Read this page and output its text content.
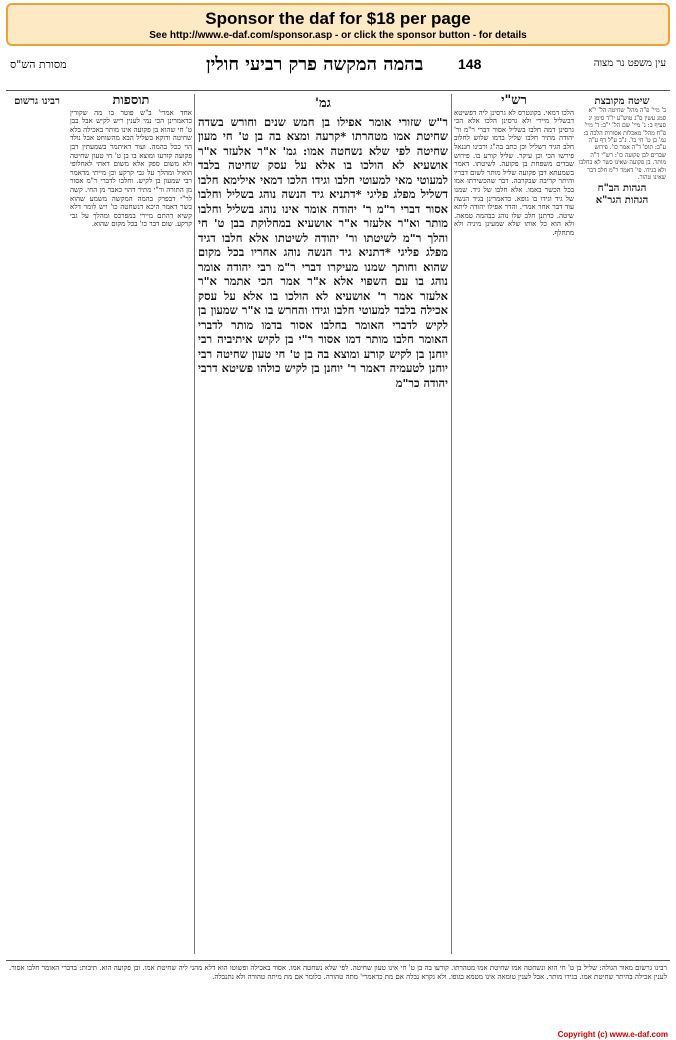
Sponsor the daf for $18 per page
See http://www.e-daf.com/sponsor.asp - or click the sponsor button - for details
עין משפט נר מצוה
בהמה המקשה פרק רביעי חולין 148
מסורת הש"ס
שיטה מקובצת
ב' מיי' פ"ה מהל' שחיטה הל' י"א סמג עשין ס"ג טוש"ע יו"ד סימן יג סעיף ב: ג' מיי' שם הל' י"ב: ד' מיי' פ"ח מהל' מאכלות אסורות הלכה ב: גמ' בן ט' חי כו'. נ"ב ע"ל דף ע"ה ע"ב: תוס' ד"ה אמר כו'. פירוש שבדים לבן פקועה כו': רש"י ד"ה מותר. בן פקועה שאינו כשר לא בחלבו ולא בגידו. פי' דאמר ר"מ חלב דבר שאינו טהור.
הגהות הב"ח
הגהות הגר"א
רש"י
הלכו דמאי. בקונטרס לא גרסינן ליה דפשיטא דבשליל מיירי ולא גרסינן הלכו אלא הכי גרסינן דמה חלבו בשליל אסור דברי ר"מ ור' יהודה מתיר חלבו שליל בדמו שלוש לחלוב חלב הגיד דשליל וכן כתב בה"ג ורבינו חננאל פירשו הכי וכן עיקר. שליל קורע בו. פירוש שבדים משפחת בן פקועה. לשיטתו. דאמר בשמעתא דבן פקועה שליל מותר לשום דבריו והיתר קריבה שבקרבה. דבר שהכשירתו אמו בכל הכשר באמו. אלא חלבו של גיד. שמנו של גיד וגידו בו גופא. כדאמרינן בגיד הנשה עוד דבר אחר אמרי. והדר אפילו יהודה ליתא שיטה. כדתנן חלב שלו נוהג בבהמה טמאה. ולא הוא כל אותו שלא שמעינן מיניה ולא מתחלף.
גמ'
ר"ש שזורי אומר אפילו בן חמש שנים וחורש בשדה שחיטת אמו מטהרתו *קרעה ומצא בה בן ט' חי מעון שחיטה לפי שלא נשחטה אמו: גמ' א"ר אלעזר א"ר אושעיא לא הולכו בו אלא על עסק שחיטה בלבד למעוטי מאי למעוטי חלבו וגידו הלכו דמאי אילימא חלבו דשליל מפלג פליגי *דתניא גיד הנשה נוהג בשליל וחלבו אסור דברי ר"מ ר' יהודה אומר אינו נוהג בשליל וחלבו מותר וא"ר אלעזר א"ר אושעיא במחלוקת בבן ט' חי והלך ר"מ לשיטתו ור' יהודה לשיטתו אלא חלבו דגיד מפלג פליגי *דתניא גיד הנשה נוהג אחריו בכל מקום שהוא וחותך שמנו מעיקרו דברי ר"מ רבי יהודה אומר נוהג בו עם השפוי אלא א"ר אמר הכי אתמר א"ר אלעזר אמר ר' אושעיא לא הולכו בו אלא על עסק אכילה בלבד למעוטי חלבו וגידו והחרש בו א"ר שמעון בן לקיש לדברי האומר בחלבו אסור בדמו מותר לדברי האומר חלבו מותר דמו אסור ר"י בן לקיש איתיביה רבי יוחנן בן לקיש קורע ומוצא בה בן ט' חי טעון שחיטה רבי יוחנן לטעמיה דאמר ר' יוחנן בן לקיש כולהו פשיטא דרבי יהודה כר"מ
תוספות
אחד אמרי' ב"ש פוטר בו מה שקורין כדאמרינן הכי נמי לענין ריש לקיש אבל בבן ט' חי שהוא בן פקועה אינו מותר באכילה בלא שחיטה ודוקא בשליל הבא מהשוחט אבל נולד הוי ככל בהמה. ועוד דאיתמר בשמעתין דבן פקועה קורעו ומוצא בו בן ט' חי טעון שחיטה ולא משום ספק אלא משום דאתי לאחלופי הואיל ומהלך על גבי קרקע וכן מייתי מדאמר רבי שמעון בן לקיש. וחלבו לדברי ר"מ אסור מן התורה ור"י מתיר דהוי כאבר מן החי. קשה לר"י דבפרק בהמה המקשה משמע שהוא כשר דאמר היכא דנשחטה כו' ויש לומר דלא קשיא דהתם מיירי במפרכס ומהלך על גבי קרקע. שום דבר כו' בכל מקום שהוא.
רבינו גרשום
רבינו גרשום מאור הגולה: שליל בן ט' חי הוא ונשחטה אמו שחיטת אמו מטהרתו. קורעו בה בן ט' חי אינו טעון שחיטה. לפי שלא נשחטה אמו. אסור באכילה ופשוטו הוא דלא מהני ליה שחיטת אמו. ובן פקועה הוא. תיבות: בדברי האומר חלבו אסור. לענין אכילה בהיתר שחיטת אמו. בגידו מותר. אבל לענין טומאה אינו מטמא בגופו. ולא נקרא נבלה אם מת כדאמרי' מתה טהורה. כלומר אם מת מיתה טהורה ולא נתנבלה.
Copyright (c) www.e-daf.com
